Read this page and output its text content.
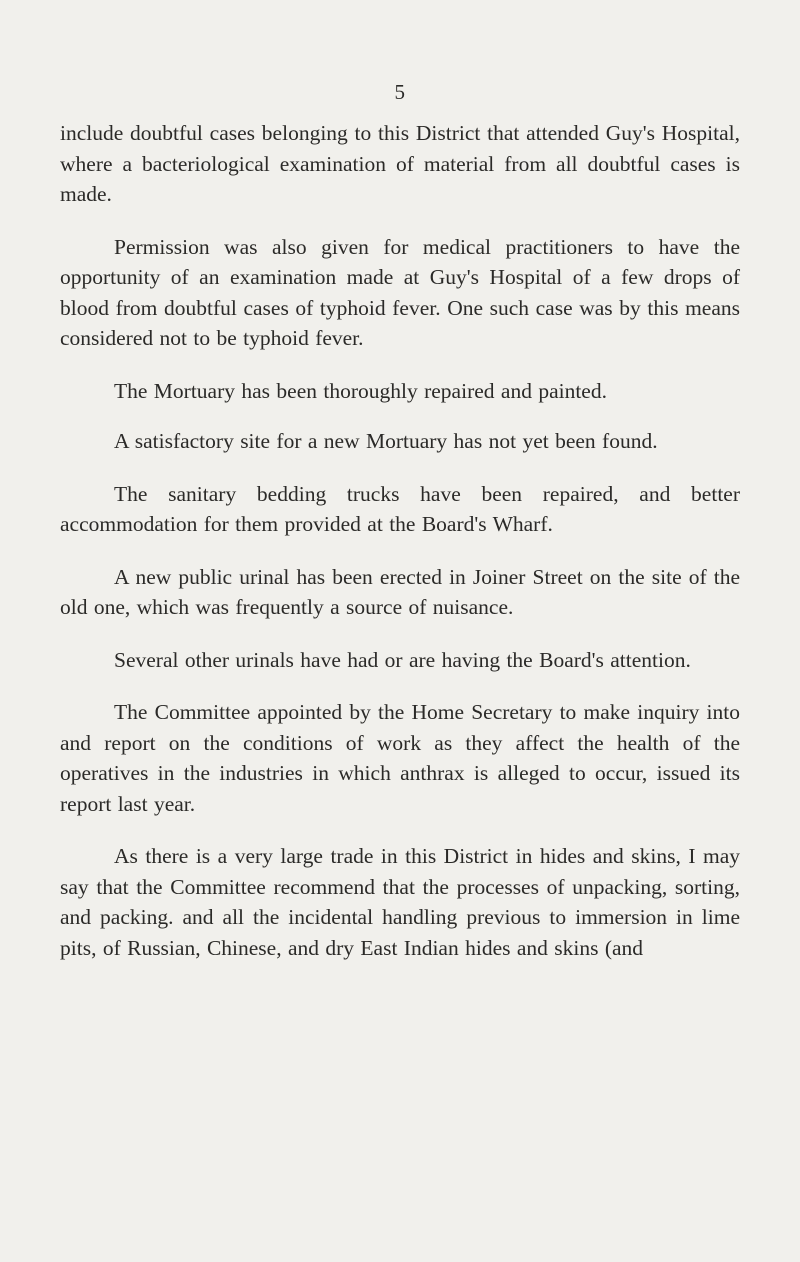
5

include doubtful cases belonging to this District that attended Guy's Hospital, where a bacteriological examination of material from all doubtful cases is made.

Permission was also given for medical practitioners to have the opportunity of an examination made at Guy's Hospital of a few drops of blood from doubtful cases of typhoid fever. One such case was by this means considered not to be typhoid fever.

The Mortuary has been thoroughly repaired and painted.

A satisfactory site for a new Mortuary has not yet been found.

The sanitary bedding trucks have been repaired, and better accommodation for them provided at the Board's Wharf.

A new public urinal has been erected in Joiner Street on the site of the old one, which was frequently a source of nuisance.

Several other urinals have had or are having the Board's attention.

The Committee appointed by the Home Secretary to make inquiry into and report on the conditions of work as they affect the health of the operatives in the industries in which anthrax is alleged to occur, issued its report last year.

As there is a very large trade in this District in hides and skins, I may say that the Committee recommend that the processes of unpacking, sorting, and packing. and all the incidental handling previous to immersion in lime pits, of Russian, Chinese, and dry East Indian hides and skins (and
